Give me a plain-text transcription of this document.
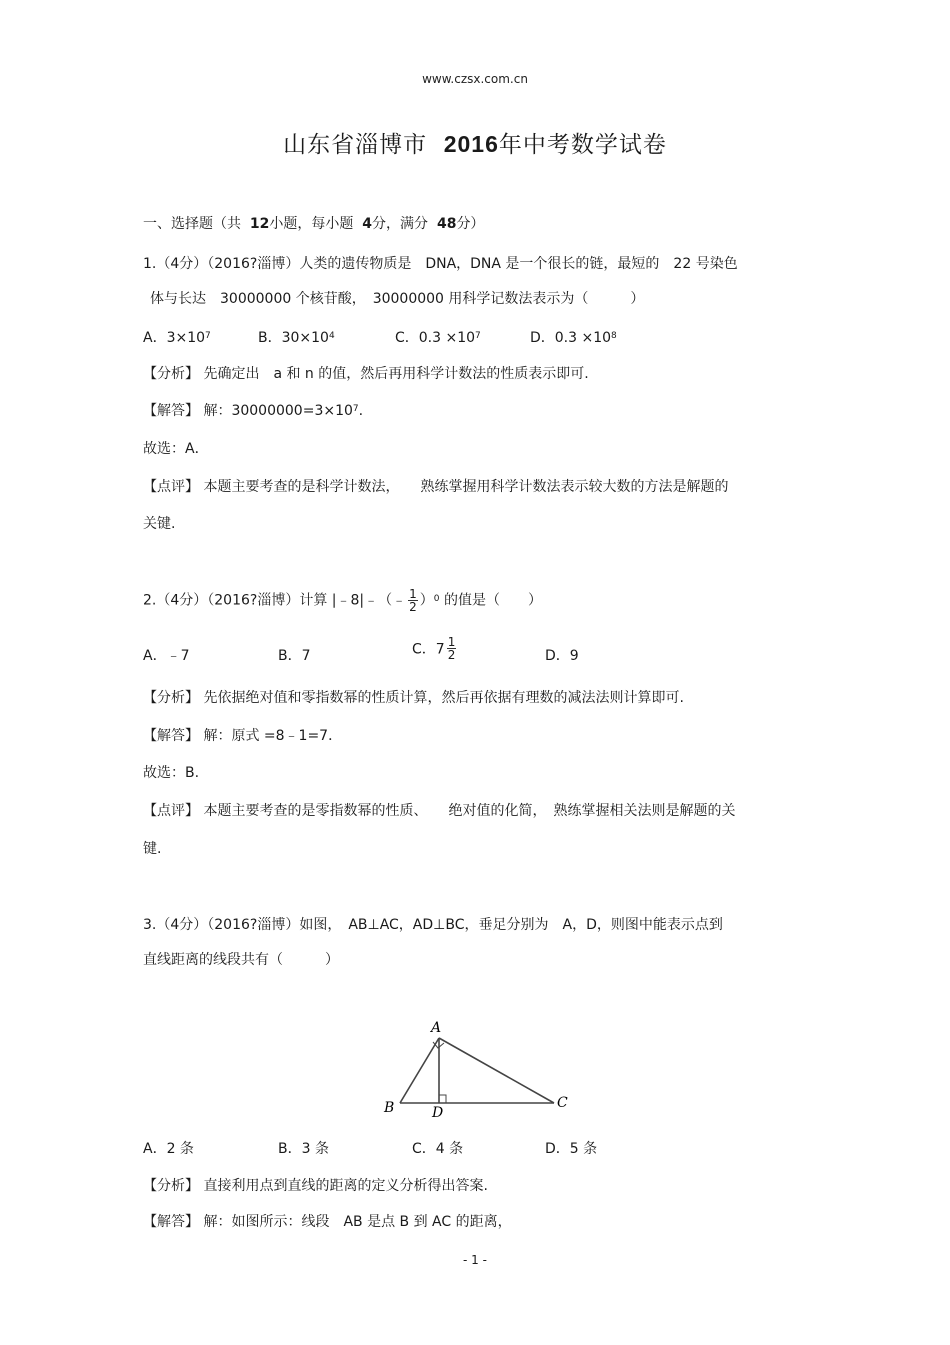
www.czsx.com.cn
山东省淄博市 2016年中考数学试卷
一、选择题（共 12小题，每小题 4分，满分 48分）
1.（4分）（2016?淄博）人类的遗传物质是　DNA，DNA 是一个很长的链，最短的　22 号染色
体与长达　30000000 个核苷酸，　30000000 用科学记数法表示为（　　　）
A．$3\times 10^7$	B．$30\times 10^4$	C．$0.3 \times 10^7$	D．$0.3 \times 10^8$
【分析】 先确定出　a 和 n 的值，然后再用科学计数法的性质表示即可.
【解答】 解：$30000000=3\times 10^7$.
故选：A．
【点评】 本题主要考查的是科学计数法，　　熟练掌握用科学计数法表示较大数的方法是解题的
关键.
2.（4分）（2016?淄博）计算 |﹣8|﹣（﹣ $\frac{1}{2} )^0$ 的值是（　　）
A．﹣7	B．7	C．$7 \frac{1}{2}$	D．9
【分析】 先依据绝对值和零指数幂的性质计算，然后再依据有理数的减法法则计算即可.
【解答】 解：原式 =8﹣1=7．
故选：B.
【点评】 本题主要考查的是零指数幂的性质、　　绝对值的化简，　熟练掌握相关法则是解题的关
键.
3.（4分）（2016?淄博）如图，　AB⊥AC，AD⊥BC，垂足分别为　A，D，则图中能表示点到
直线距离的线段共有（　　　）
A
B	C
D
A．2 条	B．3 条	C．4 条	D．5 条
【分析】 直接利用点到直线的距离的定义分析得出答案.
【解答】 解：如图所示：线段　AB 是点 B 到 AC 的距离，
- 1 -
